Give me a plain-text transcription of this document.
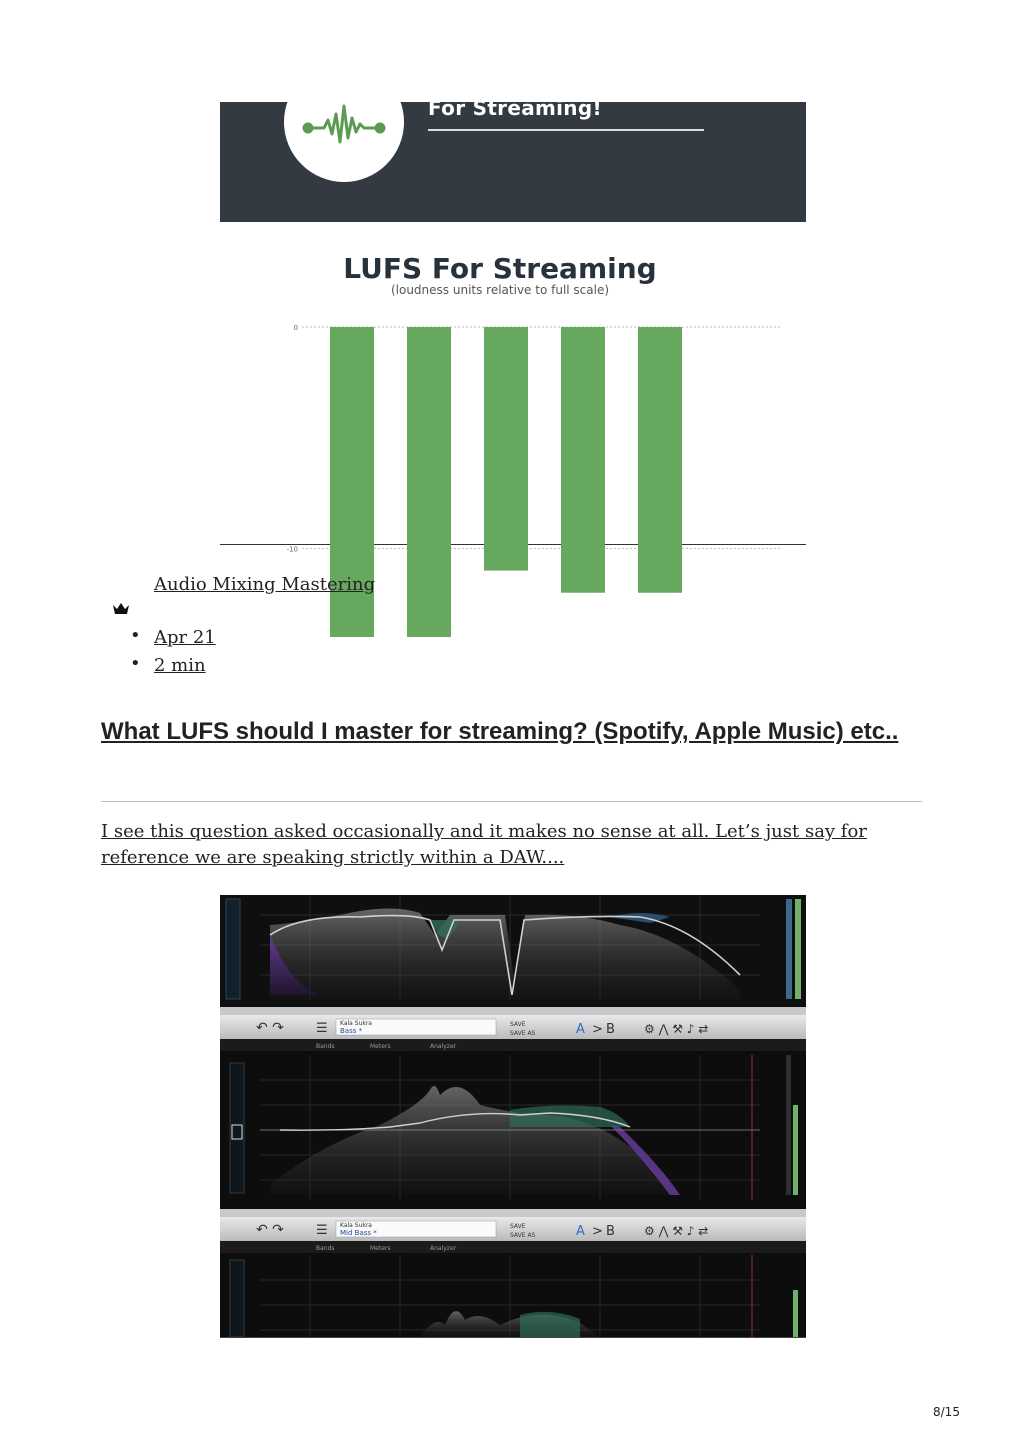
For Streaming!
LUFS For Streaming
(loudness units relative to full scale)
0
-10
Audio Mixing Mastering
•
•
Apr 21
2 min
What LUFS should I master for streaming? (Spotify, Apple Music) etc..

I see this question asked occasionally and it makes no sense at all. Let’s just say for reference we are speaking strictly within a DAW....

↶ ↷ ☰ Kala Sukra
Bass *
SAVE
SAVE AS	A > B ⚙ ⋀ ⚒ ♪ ⇄
Bands	Meters	Analyzer
↶ ↷ ☰ Kala Sukra
Mid Bass *
SAVE
SAVE AS	A > B ⚙ ⋀ ⚒ ♪ ⇄
Bands	Meters	Analyzer
8/15
